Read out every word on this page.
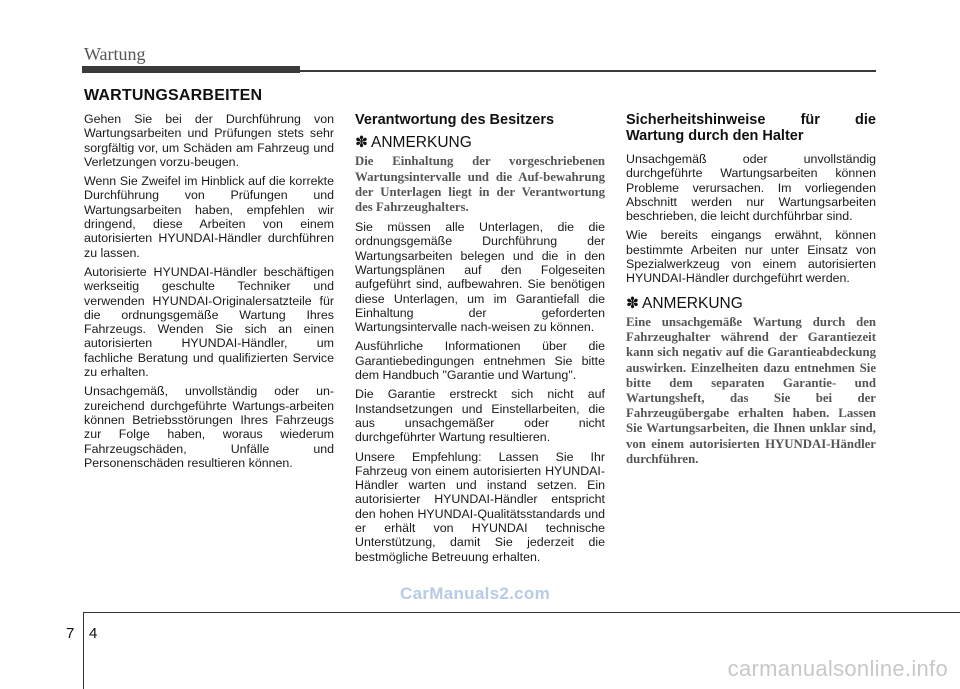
Wartung
WARTUNGSARBEITEN

Gehen Sie bei der Durchführung von Wartungsarbeiten und Prüfungen stets sehr sorgfältig vor, um Schäden am Fahrzeug und Verletzungen vorzu-beugen.

Wenn Sie Zweifel im Hinblick auf die korrekte Durchführung von Prüfungen und Wartungsarbeiten haben, empfehlen wir dringend, diese Arbeiten von einem autorisierten HYUNDAI-Händler durchführen zu lassen.

Autorisierte HYUNDAI-Händler beschäftigen werkseitig geschulte Techniker und verwenden HYUNDAI-Originalersatzteile für die ordnungsgemäße Wartung Ihres Fahrzeugs. Wenden Sie sich an einen autorisierten HYUNDAI-Händler, um fachliche Beratung und qualifizierten Service zu erhalten.

Unsachgemäß, unvollständig oder un-zureichend durchgeführte Wartungs-arbeiten können Betriebsstörungen Ihres Fahrzeugs zur Folge haben, woraus wiederum Fahrzeugschäden, Unfälle und Personenschäden resultieren können.

Verantwortung des Besitzers
✽ ANMERKUNG

Die Einhaltung der vorgeschriebenen Wartungsintervalle und die Auf-bewahrung der Unterlagen liegt in der Verantwortung des Fahrzeughalters.

Sie müssen alle Unterlagen, die die ordnungsgemäße Durchführung der Wartungsarbeiten belegen und die in den Wartungsplänen auf den Folgeseiten aufgeführt sind, aufbewahren. Sie benötigen diese Unterlagen, um im Garantiefall die Einhaltung der geforderten Wartungsintervalle nach-weisen zu können.

Ausführliche Informationen über die Garantiebedingungen entnehmen Sie bitte dem Handbuch "Garantie und Wartung".

Die Garantie erstreckt sich nicht auf Instandsetzungen und Einstellarbeiten, die aus unsachgemäßer oder nicht durchgeführter Wartung resultieren.

Unsere Empfehlung: Lassen Sie Ihr Fahrzeug von einem autorisierten HYUNDAI-Händler warten und instand setzen. Ein autorisierter HYUNDAI-Händler entspricht den hohen HYUNDAI-Qualitätsstandards und er erhält von HYUNDAI technische Unterstützung, damit Sie jederzeit die bestmögliche Betreuung erhalten.

Sicherheitshinweise für die Wartung durch den Halter

Unsachgemäß oder unvollständig durchgeführte Wartungsarbeiten können Probleme verursachen. Im vorliegenden Abschnitt werden nur Wartungsarbeiten beschrieben, die leicht durchführbar sind.

Wie bereits eingangs erwähnt, können bestimmte Arbeiten nur unter Einsatz von Spezialwerkzeug von einem autorisierten HYUNDAI-Händler durchgeführt werden.

✽ ANMERKUNG

Eine unsachgemäße Wartung durch den Fahrzeughalter während der Garantiezeit kann sich negativ auf die Garantieabdeckung auswirken. Einzelheiten dazu entnehmen Sie bitte dem separaten Garantie- und Wartungsheft, das Sie bei der Fahrzeugübergabe erhalten haben. Lassen Sie Wartungsarbeiten, die Ihnen unklar sind, von einem autorisierten HYUNDAI-Händler durchführen.

CarManuals2.com
7 4
carmanualsonline.info
